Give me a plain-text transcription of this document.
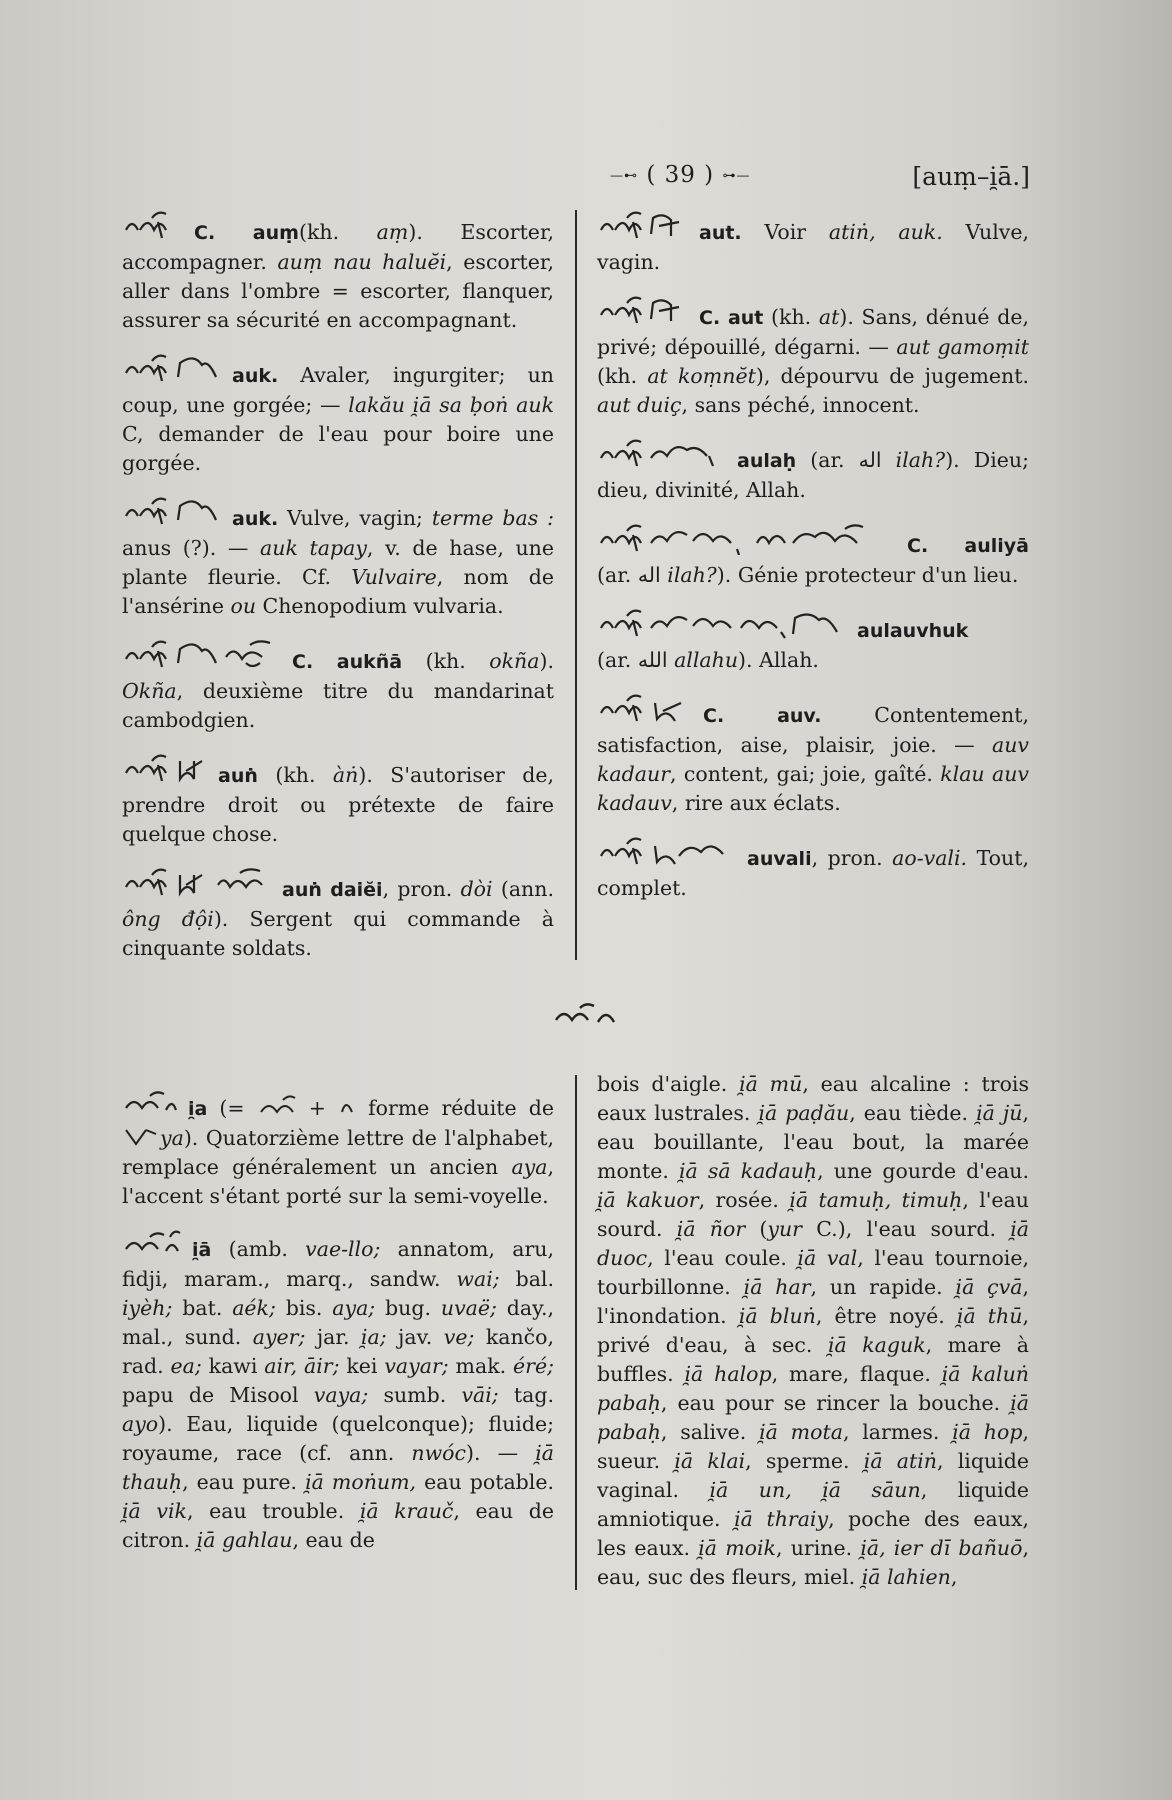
—⊷ ( 39 ) ⊶—	[auṃ–i̯ā.]

C. auṃ(kh. aṃ). Escorter, accompagner. auṃ nau haluĕi, escorter, aller dans l'ombre = escorter, flanquer, assurer sa sécurité en accompagnant.

auk. Avaler, ingurgiter; un coup, une gorgée; — lakău i̯ā sa ḅoṅ auk C, demander de l'eau pour boire une gorgée.

auk. Vulve, vagin; terme bas : anus (?). — auk tapay, v. de hase, une plante fleurie. Cf. Vulvaire, nom de l'ansérine ou Chenopodium vulvaria.

C. aukñā (kh. okña). Okña, deuxième titre du mandarinat cambodgien.

auṅ (kh. àṅ). S'autoriser de, prendre droit ou prétexte de faire quelque chose.

auṅ daiĕi, pron. dòi (ann. ông đội). Sergent qui commande à cinquante soldats.

aut. Voir atiṅ, auk. Vulve, vagin.

C. aut (kh. at). Sans, dénué de, privé; dépouillé, dégarni. — aut gamoṃit (kh. at koṃnĕt), dépourvu de jugement. aut duiç, sans péché, innocent.

aulaḥ (ar. اله ilah?). Dieu; dieu, divinité, Allah.

C. auliyā (ar. اله ilah?). Génie protecteur d'un lieu.

aulauvhuk
(ar. الله allahu). Allah.

C. auv. Contentement, satisfaction, aise, plaisir, joie. — auv kadaur, content, gai; joie, gaîté. klau auv kadauv, rire aux éclats.

auvali, pron. ao-vali. Tout, complet.

i̯a (=  +  forme réduite de ya). Quatorzième lettre de l'alphabet, remplace généralement un ancien aya, l'accent s'étant porté sur la semi-voyelle.

i̯ā (amb. vae-llo; annatom, aru, fidji, maram., marq., sandw. wai; bal. iyèh; bat. aék; bis. aya; bug. uvaë; day., mal., sund. ayer; jar. i̯a; jav. ve; kančo, rad. ea; kawi air, āir; kei vayar; mak. éré; papu de Misool vaya; sumb. vāi; tag. ayo). Eau, liquide (quelconque); fluide; royaume, race (cf. ann. nwóc). — i̯ā thauḥ, eau pure. i̯ā moṅum, eau potable. i̯ā vik, eau trouble. i̯ā krauč, eau de citron. i̯ā gahlau, eau de

bois d'aigle. i̯ā mū, eau alcaline : trois eaux lustrales. i̯ā paḍău, eau tiède. i̯ā jū, eau bouillante, l'eau bout, la marée monte. i̯ā sā kadauḥ, une gourde d'eau. i̯ā kakuor, rosée. i̯ā tamuḥ, timuḥ, l'eau sourd. i̯ā ñor (yur C.), l'eau sourd. i̯ā duoc, l'eau coule. i̯ā val, l'eau tournoie, tourbillonne. i̯ā har, un rapide. i̯ā çvā, l'inondation. i̯ā bluṅ, être noyé. i̯ā thū, privé d'eau, à sec. i̯ā kaguk, mare à buffles. i̯ā halop, mare, flaque. i̯ā kaluṅ pabaḥ, eau pour se rincer la bouche. i̯ā pabaḥ, salive. i̯ā mota, larmes. i̯ā hop, sueur. i̯ā klai, sperme. i̯ā atiṅ, liquide vaginal. i̯ā un, i̯ā sāun, liquide amniotique. i̯ā thraiy, poche des eaux, les eaux. i̯ā moik, urine. i̯ā, ier dī bañuō, eau, suc des fleurs, miel. i̯ā lahien,
